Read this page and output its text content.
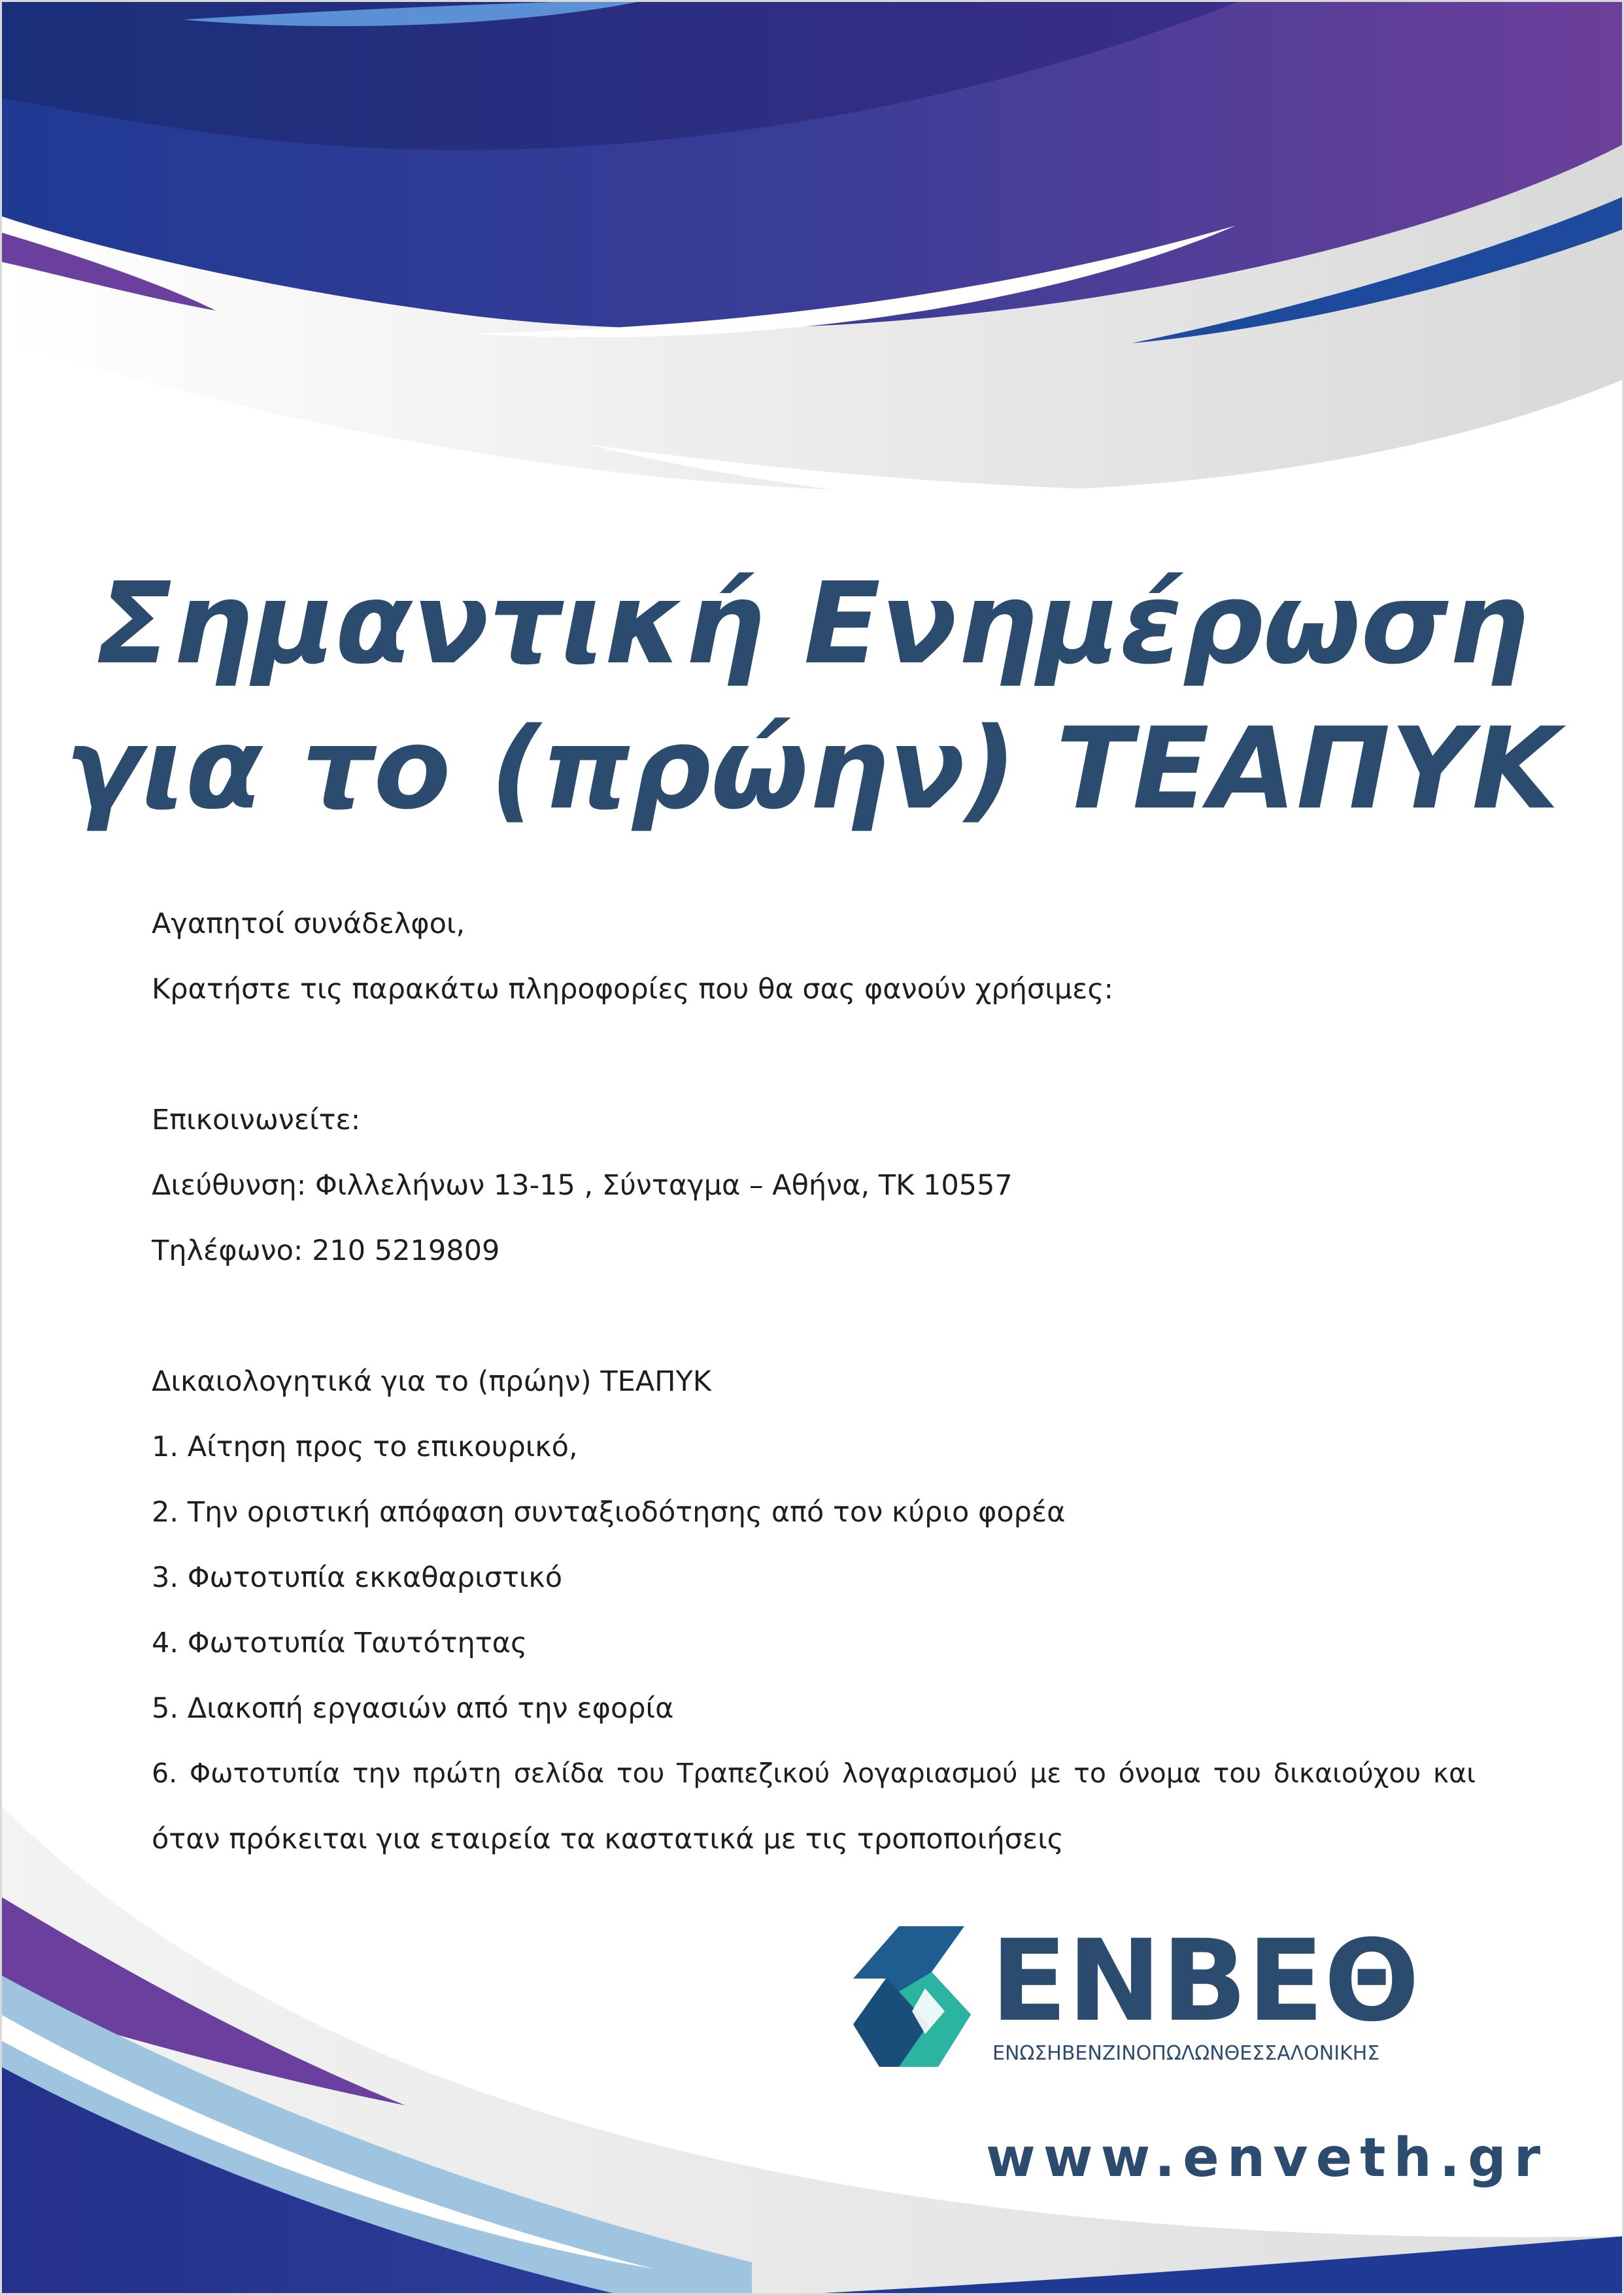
Σημαντική Ενημέρωση
για το (πρώην) ΤΕΑΠΥΚ
Αγαπητοί συνάδελφοι,
Κρατήστε τις παρακάτω πληροφορίες που θα σας φανούν χρήσιμες:
Επικοινωνείτε:
Διεύθυνση: Φιλλελήνων 13-15 , Σύνταγμα – Αθήνα, ΤΚ 10557
Τηλέφωνο: 210 5219809
Δικαιολογητικά για το (πρώην) ΤΕΑΠΥΚ
1. Αίτηση προς το επικουρικό,
2. Την οριστική απόφαση συνταξιοδότησης από τον κύριο φορέα
3. Φωτοτυπία εκκαθαριστικό
4. Φωτοτυπία Ταυτότητας
5. Διακοπή εργασιών από την εφορία
6. Φωτοτυπία την πρώτη σελίδα του Τραπεζικού λογαριασμού με το όνομα του δικαιούχου και
όταν πρόκειται για εταιρεία τα καστατικά με τις τροποποιήσεις
ΕΝΒΕΘ
ΕΝΩΣΗΒΕΝΖΙΝΟΠΩΛΩΝΘΕΣΣΑΛΟΝΙΚΗΣ
www.enveth.gr
